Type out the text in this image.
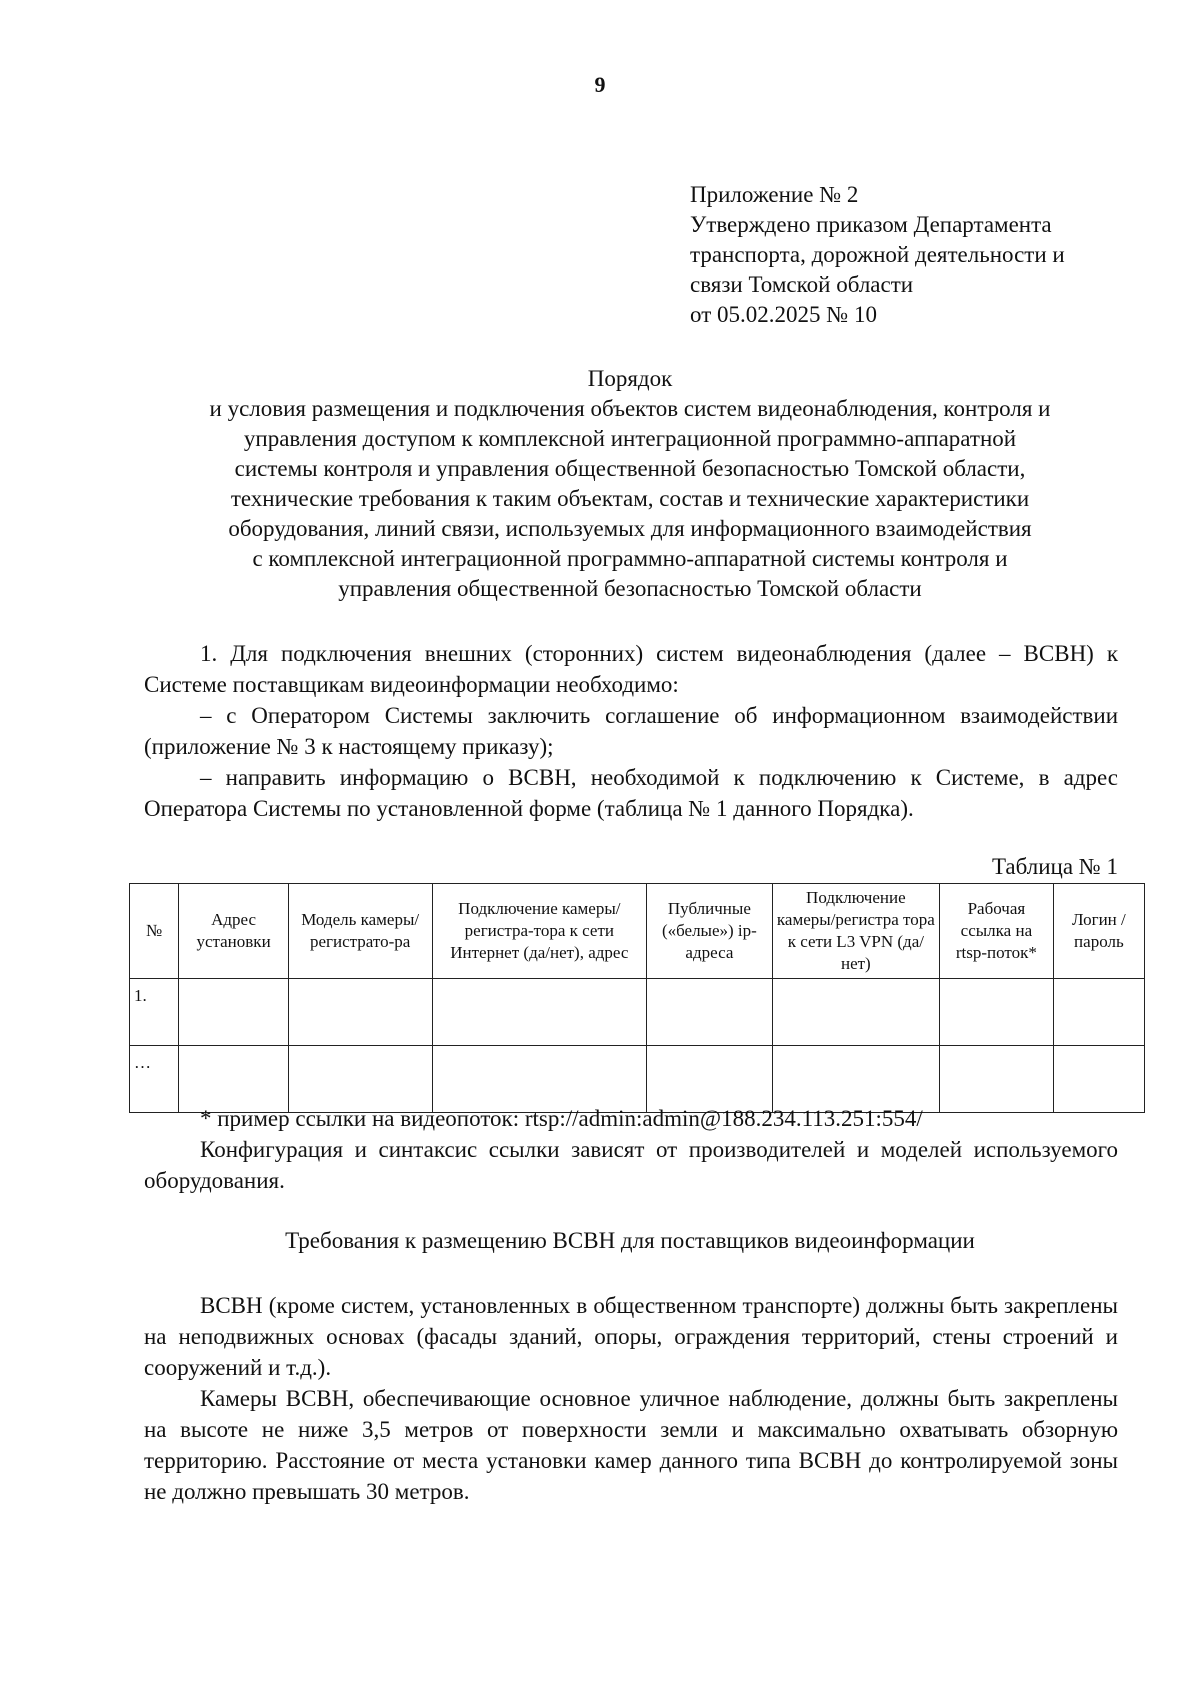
9
Приложение № 2
Утверждено приказом Департамента
транспорта, дорожной деятельности и
связи Томской области
от 05.02.2025 № 10
Порядок
и условия размещения и подключения объектов систем видеонаблюдения, контроля и
управления доступом к комплексной интеграционной программно-аппаратной
системы контроля и управления общественной безопасностью Томской области,
технические требования к таким объектам, состав и технические характеристики
оборудования, линий связи, используемых для информационного взаимодействия
с комплексной интеграционной программно-аппаратной системы контроля и
управления общественной безопасностью Томской области

1. Для подключения внешних (сторонних) систем видеонаблюдения (далее – ВСВН) к Системе поставщикам видеоинформации необходимо:

– с Оператором Системы заключить соглашение об информационном взаимодействии (приложение № 3 к настоящему приказу);

– направить информацию о ВСВН, необходимой к подключению к Системе, в адрес Оператора Системы по установленной форме (таблица № 1 данного Порядка).

Таблица № 1
№	Адрес установки	Модель камеры/ регистрато-ра	Подключение камеры/регистра-тора к сети Интернет (да/нет), адрес	Публичные («белые») ip-адреса	Подключение камеры/регистра тора к сети L3 VPN (да/нет)	Рабочая ссылка на rtsp-поток*	Логин / пароль
1.							
…							

* пример ссылки на видеопоток: rtsp://admin:admin@188.234.113.251:554/

Конфигурация и синтаксис ссылки зависят от производителей и моделей используемого оборудования.

Требования к размещению ВСВН для поставщиков видеоинформации

ВСВН (кроме систем, установленных в общественном транспорте) должны быть закреплены на неподвижных основах (фасады зданий, опоры, ограждения территорий, стены строений и сооружений и т.д.).

Камеры ВСВН, обеспечивающие основное уличное наблюдение, должны быть закреплены на высоте не ниже 3,5 метров от поверхности земли и максимально охватывать обзорную территорию. Расстояние от места установки камер данного типа ВСВН до контролируемой зоны не должно превышать 30 метров.
